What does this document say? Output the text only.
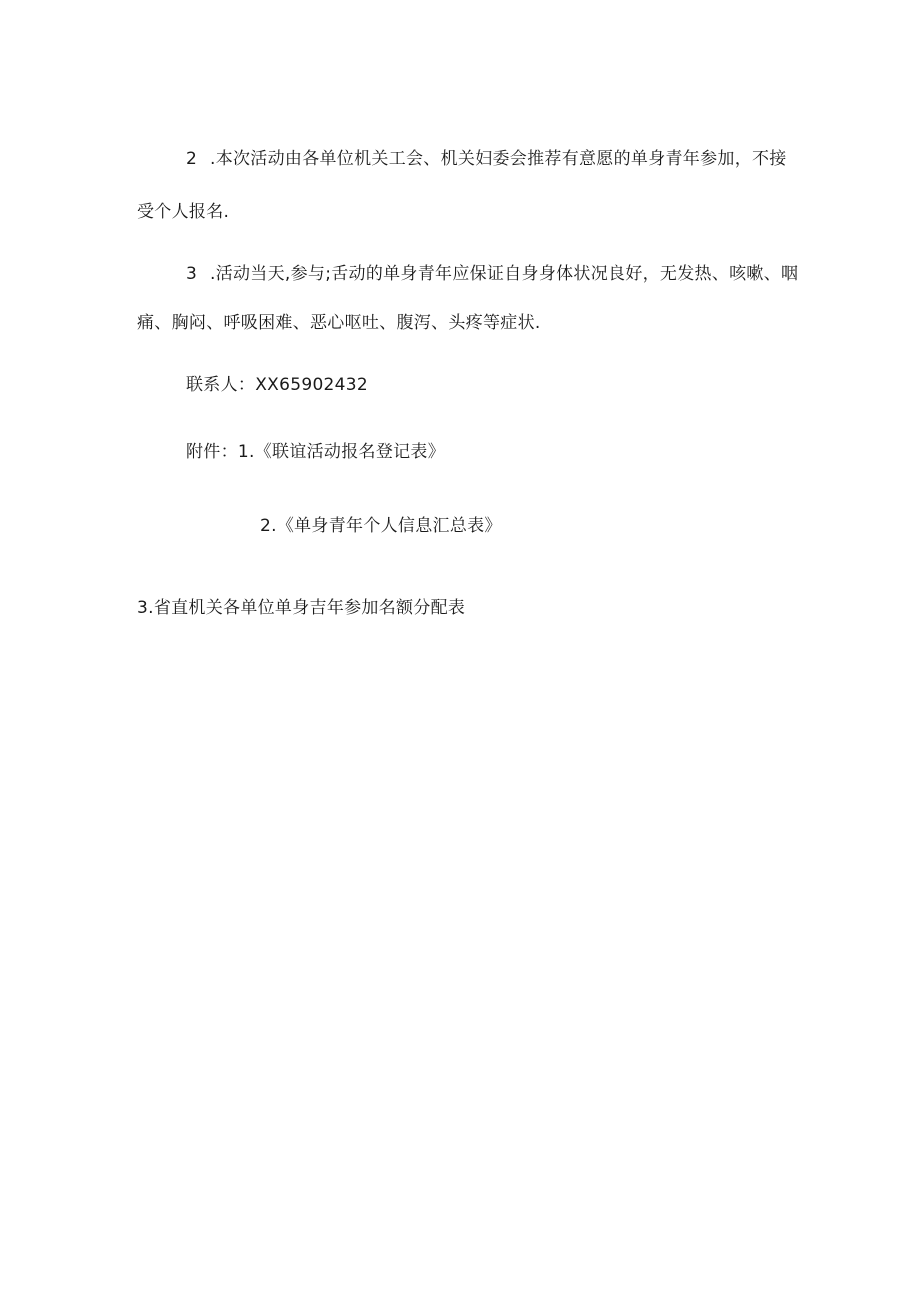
2 .本次活动由各单位机关工会、机关妇委会推荐有意愿的单身青年参加，不接
受个人报名.
3 .活动当天,参与;舌动的单身青年应保证自身身体状况良好，无发热、咳嗽、咽
痛、胸闷、呼吸困难、恶心呕吐、腹泻、头疼等症状.
联系人：XX65902432
附件：1.《联谊活动报名登记表》
2.《单身青年个人信息汇总表》
3.省直机关各单位单身吉年参加名额分配表
